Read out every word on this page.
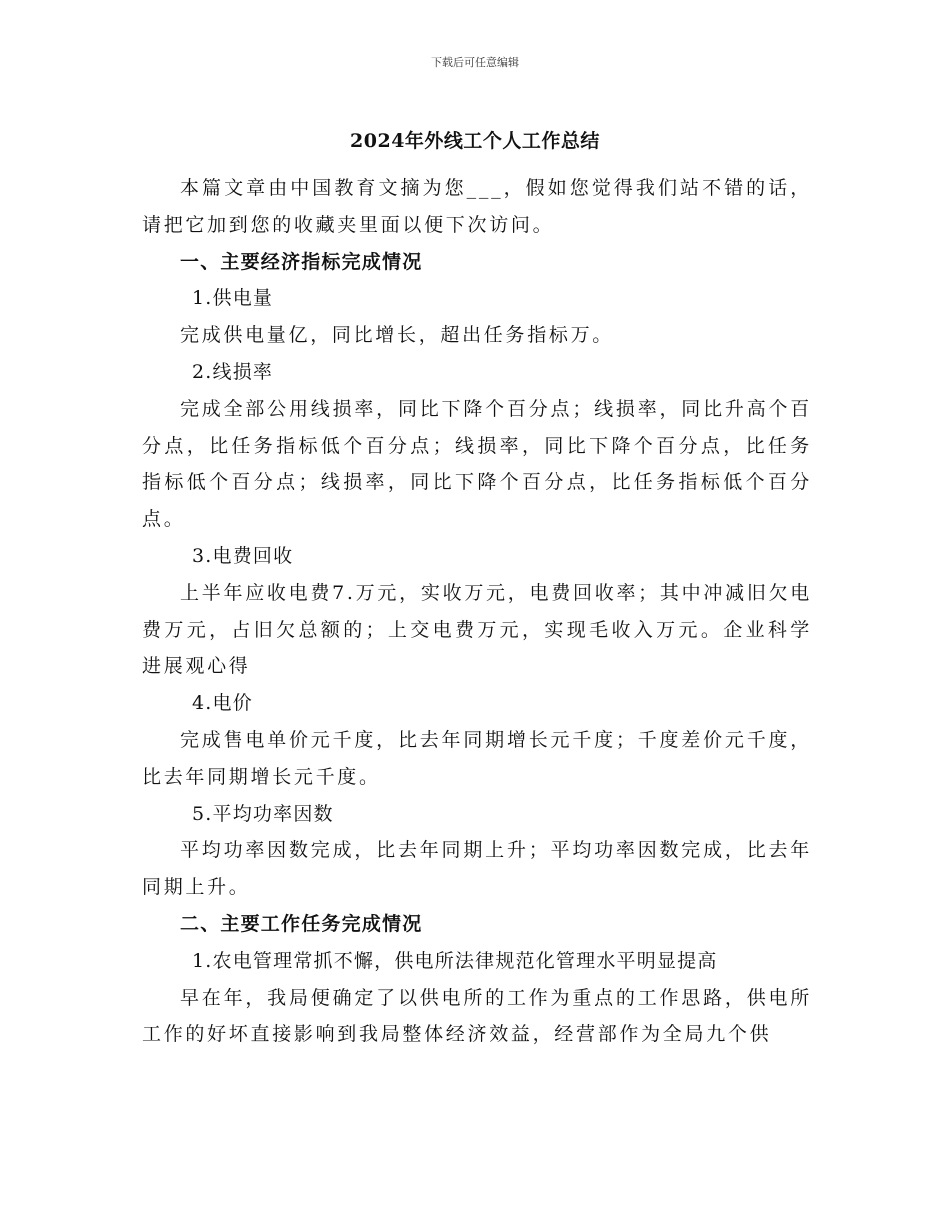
下载后可任意编辑
2024年外线工个人工作总结

本篇文章由中国教育文摘为您___，假如您觉得我们站不错的话，请把它加到您的收藏夹里面以便下次访问。

一、主要经济指标完成情况
1.供电量

完成供电量亿，同比增长，超出任务指标万。

2.线损率

完成全部公用线损率，同比下降个百分点；线损率，同比升高个百分点，比任务指标低个百分点；线损率，同比下降个百分点，比任务指标低个百分点；线损率，同比下降个百分点，比任务指标低个百分点。

3.电费回收

上半年应收电费7.万元，实收万元，电费回收率；其中冲减旧欠电费万元，占旧欠总额的；上交电费万元，实现毛收入万元。企业科学进展观心得

4.电价

完成售电单价元千度，比去年同期增长元千度；千度差价元千度，比去年同期增长元千度。

5.平均功率因数

平均功率因数完成，比去年同期上升；平均功率因数完成，比去年同期上升。

二、主要工作任务完成情况
1.农电管理常抓不懈，供电所法律规范化管理水平明显提高

早在年，我局便确定了以供电所的工作为重点的工作思路，供电所工作的好坏直接影响到我局整体经济效益，经营部作为全局九个供
